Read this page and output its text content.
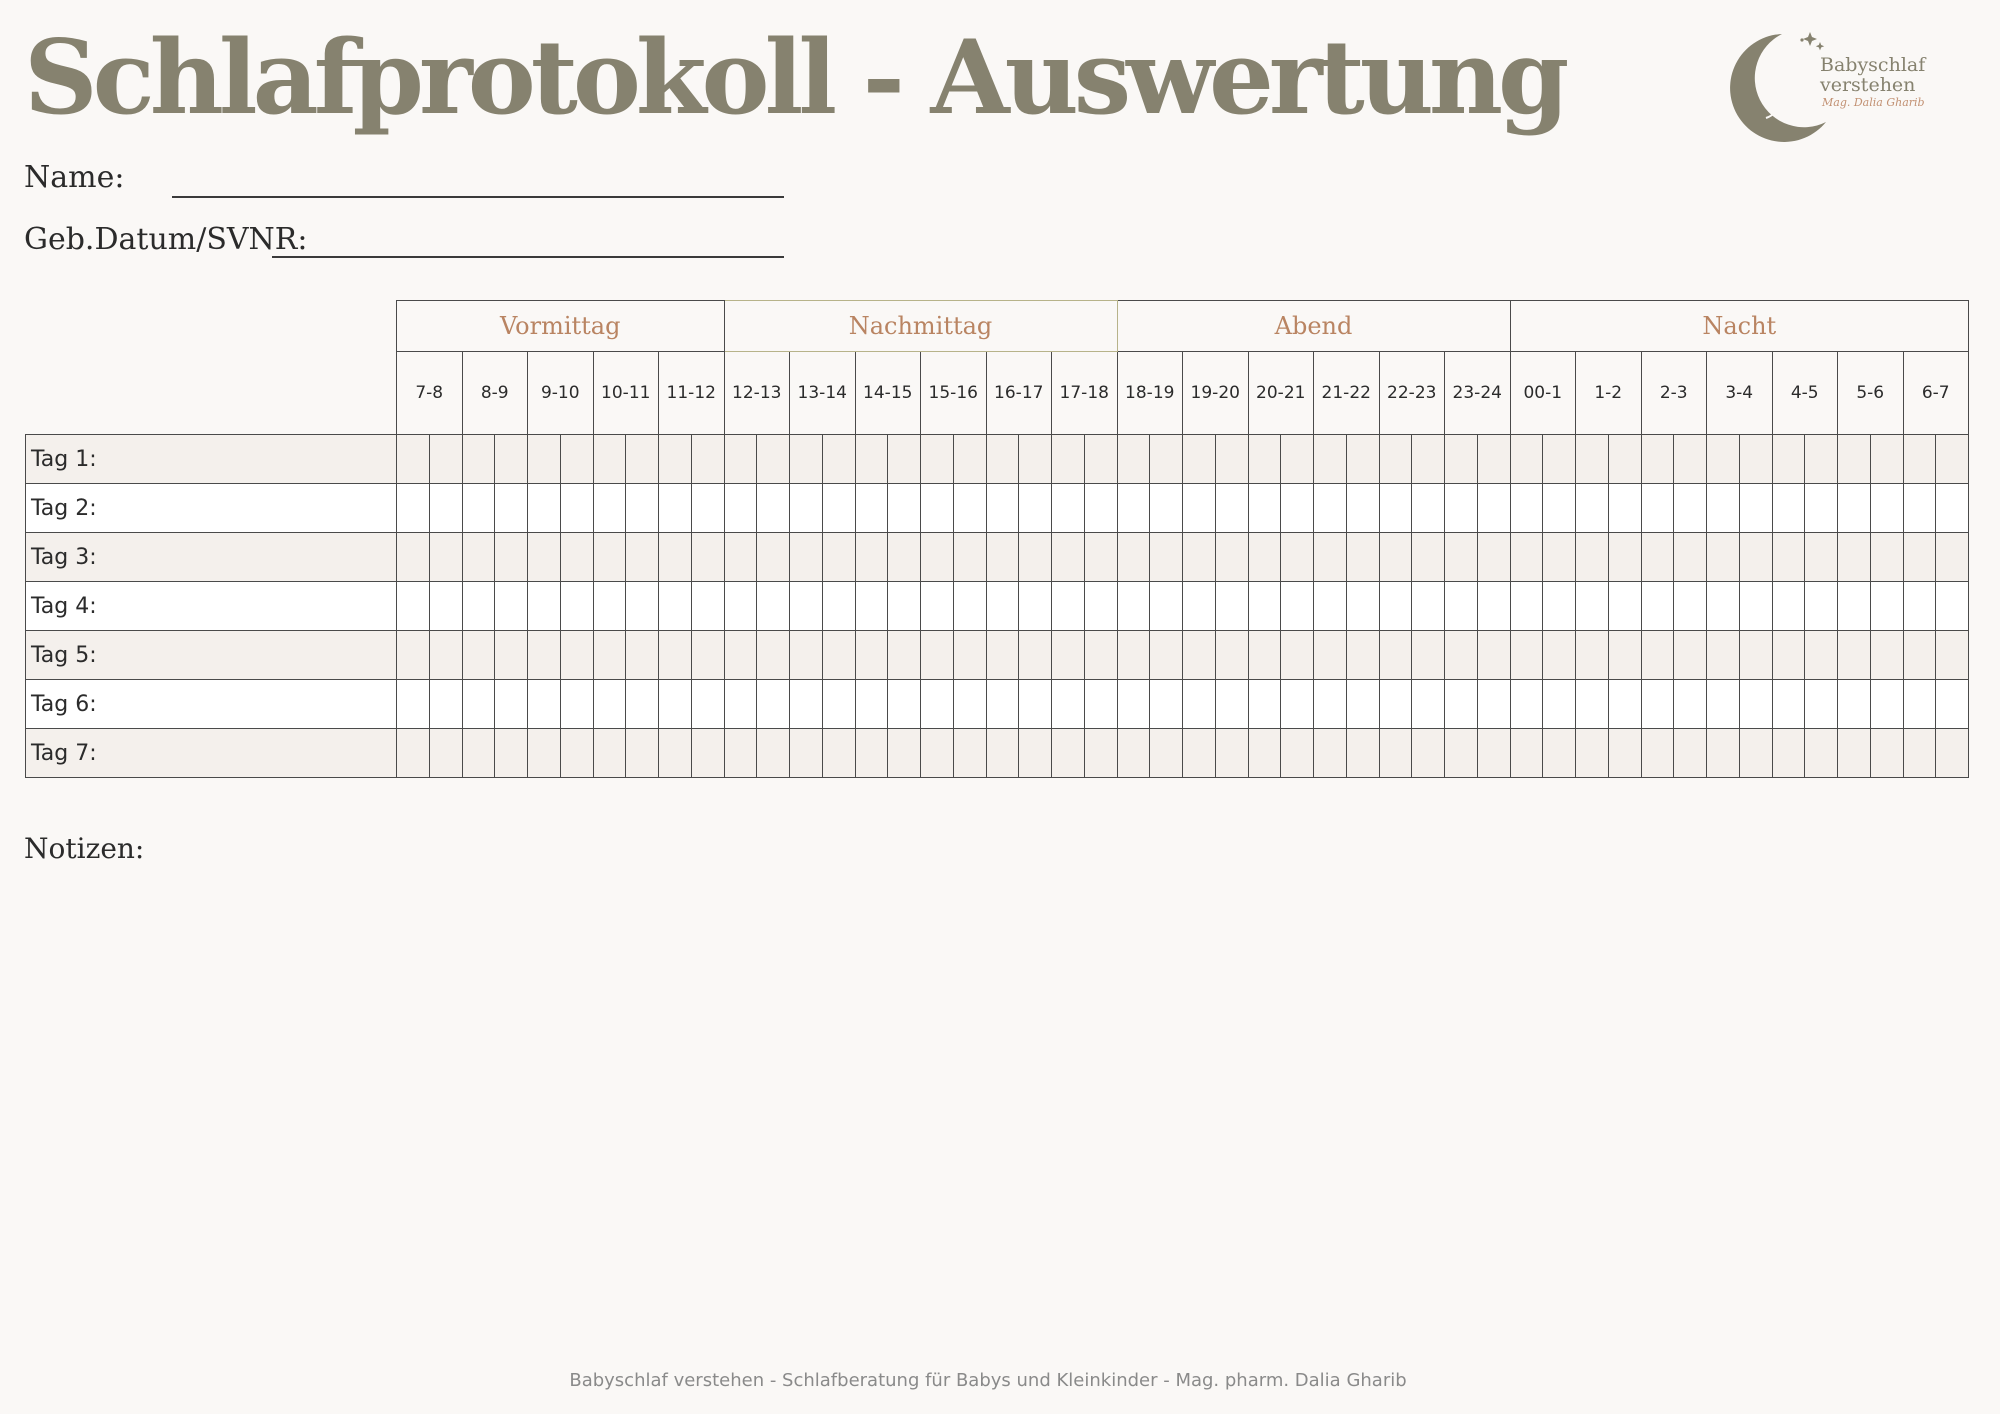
Schlafprotokoll - Auswertung
Name:
Geb.Datum/SVNR:
Babyschlaf
verstehen
Mag. Dalia Gharib
	Vormittag										Nachmittag												Abend												Nacht													
	7-8		8-9		9-10		10-11		11-12		12-13		13-14		14-15		15-16		16-17		17-18		18-19		19-20		20-21		21-22		22-23		23-24		00-1		1-2		2-3		3-4		4-5		5-6		6-7	
Tag 1:																																																
Tag 2:																																																
Tag 3:																																																
Tag 4:																																																
Tag 5:																																																
Tag 6:																																																
Tag 7:																																																
Notizen:
Babyschlaf verstehen - Schlafberatung für Babys und Kleinkinder - Mag. pharm. Dalia Gharib
